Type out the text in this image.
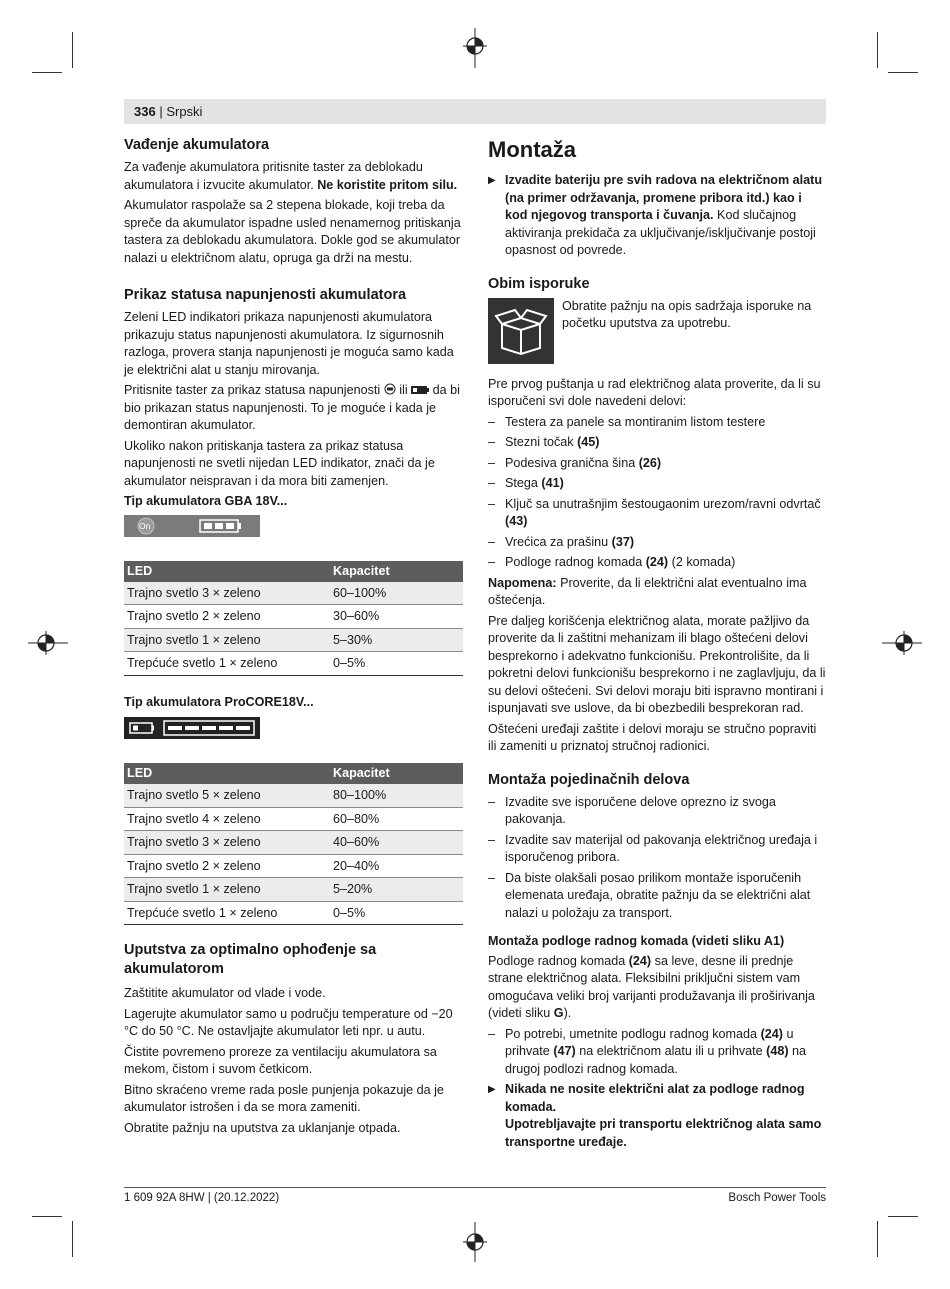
336 | Srpski
Vađenje akumulatora

Za vađenje akumulatora pritisnite taster za deblokadu akumulatora i izvucite akumulator. Ne koristite pritom silu.

Akumulator raspolaže sa 2 stepena blokade, koji treba da spreče da akumulator ispadne usled nenamernog pritiskanja tastera za deblokadu akumulatora. Dokle god se akumulator nalazi u električnom alatu, opruga ga drži na mestu.

Prikaz statusa napunjenosti akumulatora

Zeleni LED indikatori prikaza napunjenosti akumulatora prikazuju status napunjenosti akumulatora. Iz sigurnosnih razloga, provera stanja napunjenosti je moguća samo kada je električni alat u stanju mirovanja.

Pritisnite taster za prikaz statusa napunjenosti ili da bi bio prikazan status napunjenosti. To je moguće i kada je demontiran akumulator.

Ukoliko nakon pritiskanja tastera za prikaz statusa napunjenosti ne svetli nijedan LED indikator, znači da je akumulator neispravan i da mora biti zamenjen.

Tip akumulatora GBA 18V...
On
LED	Kapacitet
Trajno svetlo 3 × zeleno	60–100%
Trajno svetlo 2 × zeleno	30–60%
Trajno svetlo 1 × zeleno	5–30%
Trepćuće svetlo 1 × zeleno	0–5%
Tip akumulatora ProCORE18V...
LED	Kapacitet
Trajno svetlo 5 × zeleno	80–100%
Trajno svetlo 4 × zeleno	60–80%
Trajno svetlo 3 × zeleno	40–60%
Trajno svetlo 2 × zeleno	20–40%
Trajno svetlo 1 × zeleno	5–20%
Trepćuće svetlo 1 × zeleno	0–5%
Uputstva za optimalno ophođenje sa akumulatorom

Zaštitite akumulator od vlade i vode.

Lagerujte akumulator samo u području temperature od −20 °C do 50 °C. Ne ostavljajte akumulator leti npr. u autu.

Čistite povremeno proreze za ventilaciju akumulatora sa mekom, čistom i suvom četkicom.

Bitno skraćeno vreme rada posle punjenja pokazuje da je akumulator istrošen i da se mora zameniti.

Obratite pažnju na uputstva za uklanjanje otpada.

Montaža
▶ Izvadite bateriju pre svih radova na električnom alatu (na primer održavanja, promene pribora itd.) kao i kod njegovog transporta i čuvanja. Kod slučajnog aktiviranja prekidača za uključivanje/isključivanje postoji opasnost od povrede.
Obim isporuke

Obratite pažnju na opis sadržaja isporuke na početku uputstva za upotrebu.

Pre prvog puštanja u rad električnog alata proverite, da li su isporučeni svi dole navedeni delovi:

– Testera za panele sa montiranim listom testere
– Stezni točak (45)
– Podesiva granična šina (26)
– Stega (41)
– Ključ sa unutrašnjim šestougaonim urezom/ravni odvrtač (43)
– Vrećica za prašinu (37)
– Podloge radnog komada (24) (2 komada)

Napomena: Proverite, da li električni alat eventualno ima oštećenja.

Pre daljeg korišćenja električnog alata, morate pažljivo da proverite da li zaštitni mehanizam ili blago oštećeni delovi besprekorno i adekvatno funkcionišu. Prekontrolišite, da li pokretni delovi funkcionišu besprekorno i ne zaglavljuju, da li su delovi oštećeni. Svi delovi moraju biti ispravno montirani i ispunjavati sve uslove, da bi obezbedili besprekoran rad.

Oštećeni uređaji zaštite i delovi moraju se stručno popraviti ili zameniti u priznatoj stručnoj radionici.

Montaža pojedinačnih delova
– Izvadite sve isporučene delove oprezno iz svoga pakovanja.
– Izvadite sav materijal od pakovanja električnog uređaja i isporučenog pribora.
– Da biste olakšali posao prilikom montaže isporučenih elemenata uređaja, obratite pažnju da se električni alat nalazi u položaju za transport.
Montaža podloge radnog komada (videti sliku A1)

Podloge radnog komada (24) sa leve, desne ili prednje strane električnog alata. Fleksibilni priključni sistem vam omogućava veliki broj varijanti produžavanja ili proširivanja (videti sliku G).

– Po potrebi, umetnite podlogu radnog komada (24) u prihvate (47) na električnom alatu ili u prihvate (48) na drugoj podlozi radnog komada.
▶ Nikada ne nosite električni alat za podloge radnog komada.
Upotrebljavajte pri transportu električnog alata samo transportne uređaje.
1 609 92A 8HW | (20.12.2022)	Bosch Power Tools
